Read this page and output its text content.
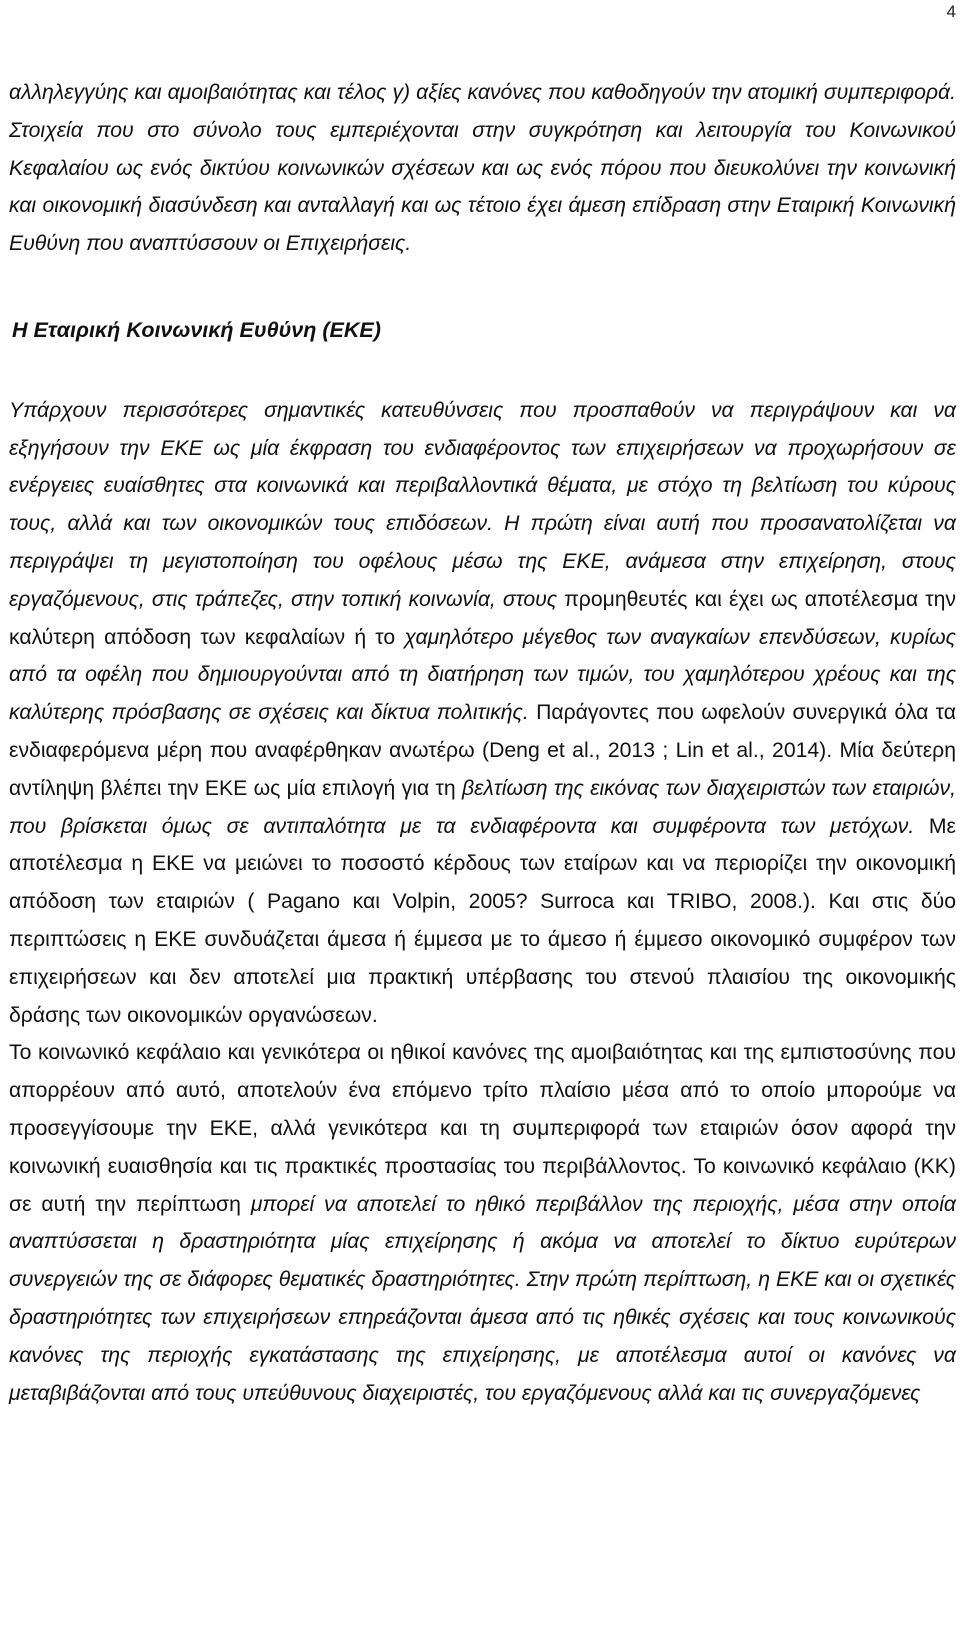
4

αλληλεγγύης και αμοιβαιότητας και τέλος γ) αξίες κανόνες που καθοδηγούν την ατομική συμπεριφορά. Στοιχεία που στο σύνολο τους εμπεριέχονται στην συγκρότηση και λειτουργία του Κοινωνικού Κεφαλαίου ως ενός δικτύου κοινωνικών σχέσεων και ως ενός πόρου που διευκολύνει την κοινωνική και οικονομική διασύνδεση και ανταλλαγή και ως τέτοιο έχει άμεση επίδραση στην Εταιρική Κοινωνική Ευθύνη που αναπτύσσουν οι Επιχειρήσεις.

Η Εταιρική Κοινωνική Ευθύνη (ΕΚΕ)

Υπάρχουν περισσότερες σημαντικές κατευθύνσεις που προσπαθούν να περιγράψουν και να εξηγήσουν την ΕΚΕ ως μία έκφραση του ενδιαφέροντος των επιχειρήσεων να προχωρήσουν σε ενέργειες ευαίσθητες στα κοινωνικά και περιβαλλοντικά θέματα, με στόχο τη βελτίωση του κύρους τους, αλλά και των οικονομικών τους επιδόσεων. Η πρώτη είναι αυτή που προσανατολίζεται να περιγράψει τη μεγιστοποίηση του οφέλους μέσω της ΕΚΕ, ανάμεσα στην επιχείρηση, στους εργαζόμενους, στις τράπεζες, στην τοπική κοινωνία, στους προμηθευτές και έχει ως αποτέλεσμα την καλύτερη απόδοση των κεφαλαίων ή το χαμηλότερο μέγεθος των αναγκαίων επενδύσεων, κυρίως από τα οφέλη που δημιουργούνται από τη διατήρηση των τιμών, του χαμηλότερου χρέους και της καλύτερης πρόσβασης σε σχέσεις και δίκτυα πολιτικής. Παράγοντες που ωφελούν συνεργικά όλα τα ενδιαφερόμενα μέρη που αναφέρθηκαν ανωτέρω (Deng et al., 2013 ; Lin et al., 2014). Μία δεύτερη αντίληψη βλέπει την ΕΚΕ ως μία επιλογή για τη βελτίωση της εικόνας των διαχειριστών των εταιριών, που βρίσκεται όμως σε αντιπαλότητα με τα ενδιαφέροντα και συμφέροντα των μετόχων. Με αποτέλεσμα η ΕΚΕ να μειώνει το ποσοστό κέρδους των εταίρων και να περιορίζει την οικονομική απόδοση των εταιριών ( Pagano και Volpin, 2005? Surroca και TRIBO, 2008.). Και στις δύο περιπτώσεις η ΕΚΕ συνδυάζεται άμεσα ή έμμεσα με το άμεσο ή έμμεσο οικονομικό συμφέρον των επιχειρήσεων και δεν αποτελεί μια πρακτική υπέρβασης του στενού πλαισίου της οικονομικής δράσης των οικονομικών οργανώσεων.

Το κοινωνικό κεφάλαιο και γενικότερα οι ηθικοί κανόνες της αμοιβαιότητας και της εμπιστοσύνης που απορρέουν από αυτό, αποτελούν ένα επόμενο τρίτο πλαίσιο μέσα από το οποίο μπορούμε να προσεγγίσουμε την ΕΚΕ, αλλά γενικότερα και τη συμπεριφορά των εταιριών όσον αφορά την κοινωνική ευαισθησία και τις πρακτικές προστασίας του περιβάλλοντος. Το κοινωνικό κεφάλαιο (ΚΚ) σε αυτή την περίπτωση μπορεί να αποτελεί το ηθικό περιβάλλον της περιοχής, μέσα στην οποία αναπτύσσεται η δραστηριότητα μίας επιχείρησης ή ακόμα να αποτελεί το δίκτυο ευρύτερων συνεργειών της σε διάφορες θεματικές δραστηριότητες. Στην πρώτη περίπτωση, η ΕΚΕ και οι σχετικές δραστηριότητες των επιχειρήσεων επηρεάζονται άμεσα από τις ηθικές σχέσεις και τους κοινωνικούς κανόνες της περιοχής εγκατάστασης της επιχείρησης, με αποτέλεσμα αυτοί οι κανόνες να μεταβιβάζονται από τους υπεύθυνους διαχειριστές, του εργαζόμενους αλλά και τις συνεργαζόμενες
